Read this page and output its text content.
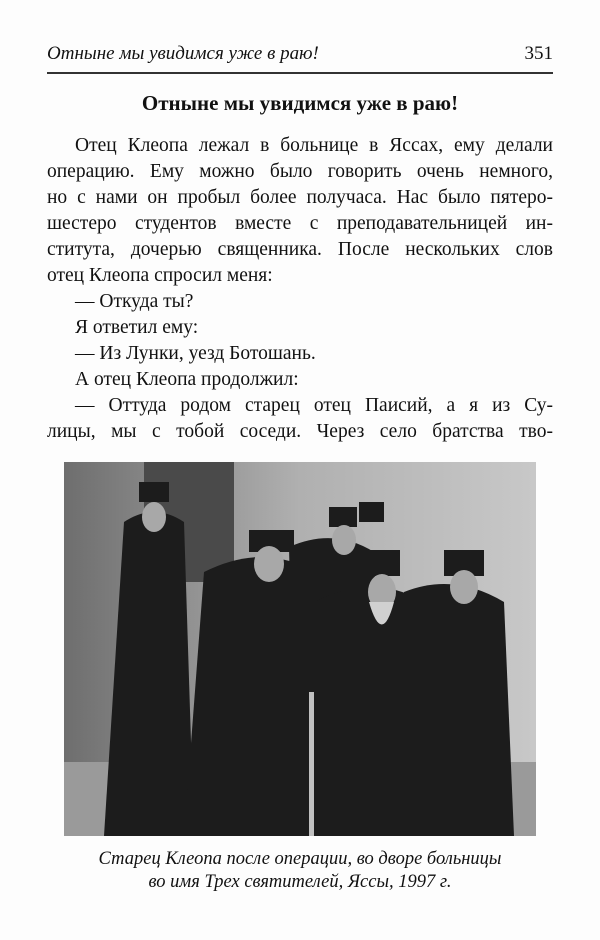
Отныне мы увидимся уже в раю!	351
Отныне мы увидимся уже в раю!
Отец Клеопа лежал в больнице в Яссах, ему делали
операцию. Ему можно было говорить очень немного,
но с нами он пробыл более получаса. Нас было пятеро-
шестеро студентов вместе с преподавательницей ин-
ститута, дочерью священника. После нескольких слов
отец Клеопа спросил меня:
— Откуда ты?
Я ответил ему:
— Из Лунки, уезд Ботошань.
А отец Клеопа продолжил:
— Оттуда родом старец отец Паисий, а я из Су-
лицы, мы с тобой соседи. Через село братства тво-
Старец Клеопа после операции, во дворе больницы
во имя Трех святителей, Яссы, 1997 г.
